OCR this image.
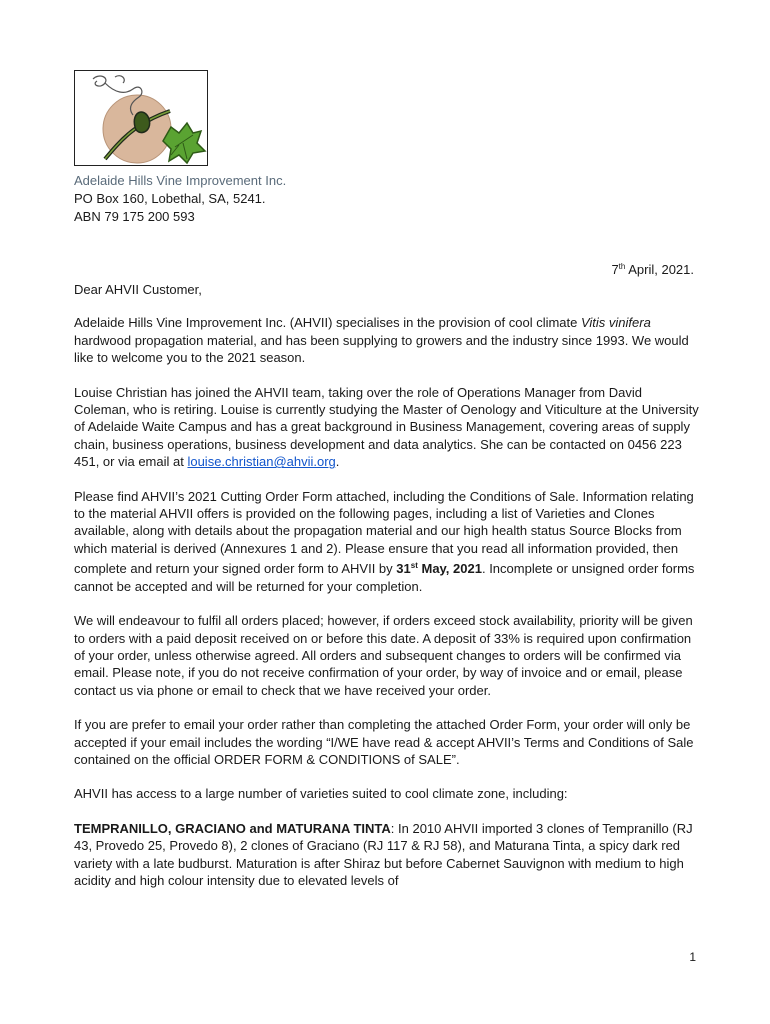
Adelaide Hills Vine Improvement Inc.
PO Box 160, Lobethal, SA, 5241.
ABN 79 175 200 593
7th April, 2021.

Dear AHVII Customer,

Adelaide Hills Vine Improvement Inc. (AHVII) specialises in the provision of cool climate Vitis vinifera hardwood propagation material, and has been supplying to growers and the industry since 1993. We would like to welcome you to the 2021 season.

Louise Christian has joined the AHVII team, taking over the role of Operations Manager from David Coleman, who is retiring. Louise is currently studying the Master of Oenology and Viticulture at the University of Adelaide Waite Campus and has a great background in Business Management, covering areas of supply chain, business operations, business development and data analytics. She can be contacted on 0456 223 451, or via email at louise.christian@ahvii.org.

Please find AHVII’s 2021 Cutting Order Form attached, including the Conditions of Sale. Information relating to the material AHVII offers is provided on the following pages, including a list of Varieties and Clones available, along with details about the propagation material and our high health status Source Blocks from which material is derived (Annexures 1 and 2). Please ensure that you read all information provided, then complete and return your signed order form to AHVII by 31st May, 2021. Incomplete or unsigned order forms cannot be accepted and will be returned for your completion.

We will endeavour to fulfil all orders placed; however, if orders exceed stock availability, priority will be given to orders with a paid deposit received on or before this date. A deposit of 33% is required upon confirmation of your order, unless otherwise agreed. All orders and subsequent changes to orders will be confirmed via email. Please note, if you do not receive confirmation of your order, by way of invoice and or email, please contact us via phone or email to check that we have received your order.

If you are prefer to email your order rather than completing the attached Order Form, your order will only be accepted if your email includes the wording “I/WE have read & accept AHVII’s Terms and Conditions of Sale contained on the official ORDER FORM & CONDITIONS of SALE”.

AHVII has access to a large number of varieties suited to cool climate zone, including:

TEMPRANILLO, GRACIANO and MATURANA TINTA: In 2010 AHVII imported 3 clones of Tempranillo (RJ 43, Provedo 25, Provedo 8), 2 clones of Graciano (RJ 117 & RJ 58), and Maturana Tinta, a spicy dark red variety with a late budburst. Maturation is after Shiraz but before Cabernet Sauvignon with medium to high acidity and high colour intensity due to elevated levels of

1
